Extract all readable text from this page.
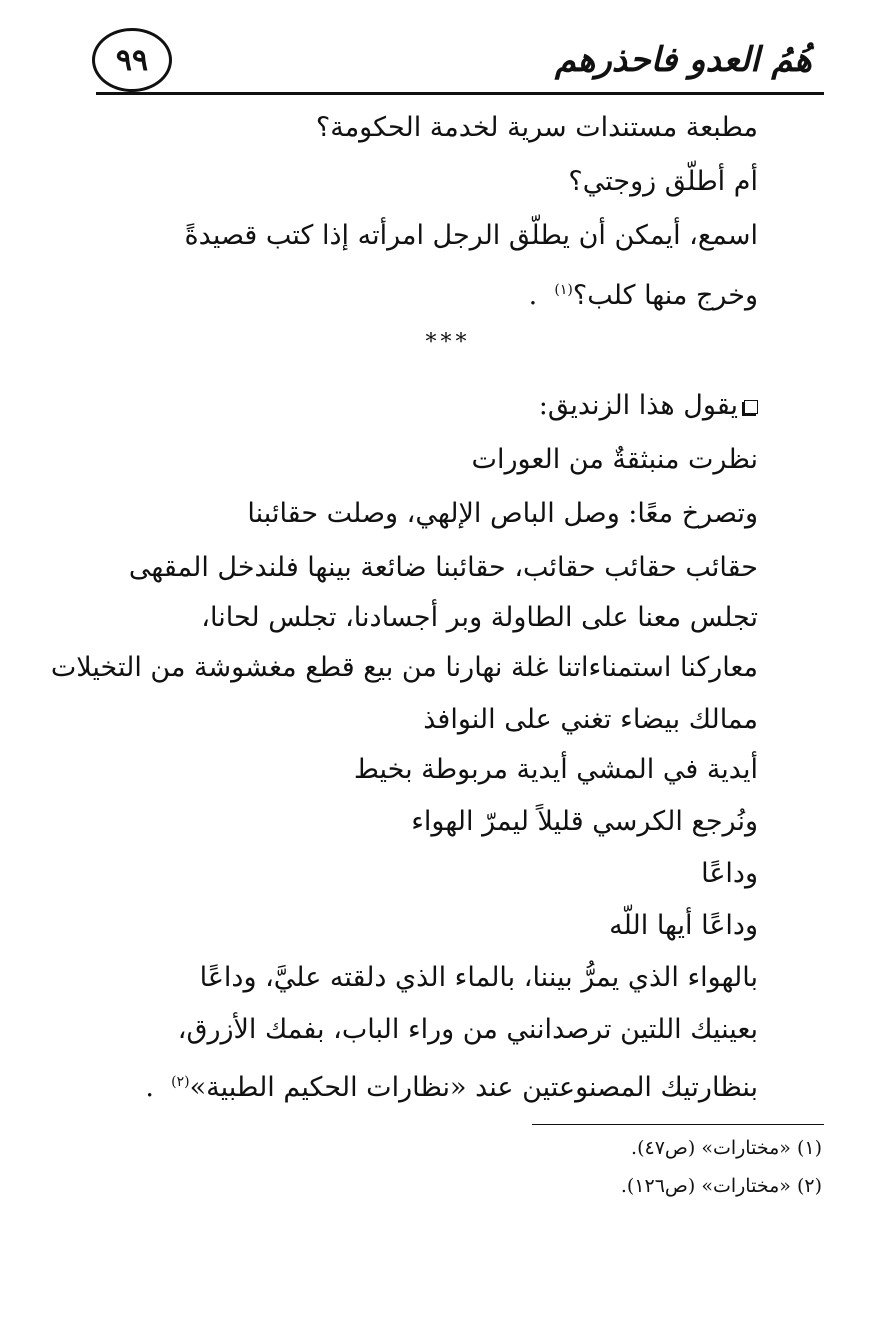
٩٩	هُمُ العدو فاحذرهم
مطبعة مستندات سرية لخدمة الحكومة؟
أم أطلّق زوجتي؟
اسمع، أيمكن أن يطلّق الرجل امرأته إذا كتب قصيدةً
وخرج منها كلب؟$^{(١)}$  .
***
يقول هذا الزنديق:
نظرت منبثقةٌ من العورات
وتصرخ معًا: وصل الباص الإلهي، وصلت حقائبنا
حقائب حقائب حقائب، حقائبنا ضائعة بينها فلندخل المقهى
تجلس معنا على الطاولة وبر أجسادنا، تجلس لحانا،
معاركنا استمناءاتنا غلة نهارنا من بيع قطع مغشوشة من التخيلات
ممالك بيضاء تغني على النوافذ
أيدية في المشي أيدية مربوطة بخيط
ونُرجع الكرسي قليلاً ليمرّ الهواء
وداعًا
وداعًا أيها اللّه
بالهواء الذي يمرُّ بيننا، بالماء الذي دلقته عليَّ، وداعًا
بعينيك اللتين ترصدانني من وراء الباب، بفمك الأزرق،
بنظارتيك المصنوعتين عند «نظارات الحكيم الطبية»$^{(٢)}$  .
(١) «مختارات» (ص٤٧).
(٢) «مختارات» (ص١٢٦).
